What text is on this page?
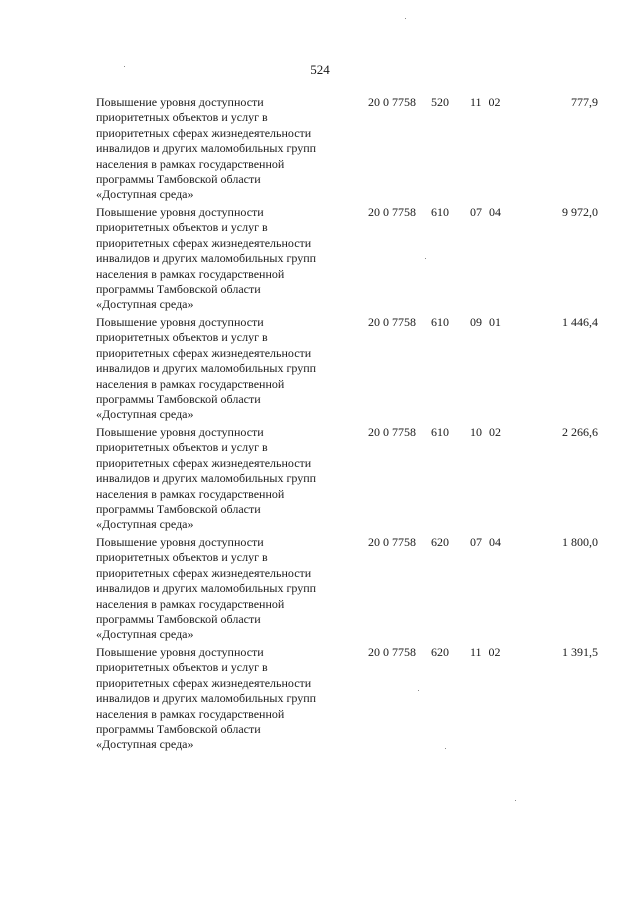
524
Повышение уровня доступности
приоритетных объектов и услуг в
приоритетных сферах жизнедеятельности
инвалидов и других маломобильных групп
населения в рамках государственной
программы Тамбовской области
«Доступная среда»
20 0 7758 520 11 02	777,9
Повышение уровня доступности
приоритетных объектов и услуг в
приоритетных сферах жизнедеятельности
инвалидов и других маломобильных групп
населения в рамках государственной
программы Тамбовской области
«Доступная среда»
20 0 7758 610 07 04	9 972,0
Повышение уровня доступности
приоритетных объектов и услуг в
приоритетных сферах жизнедеятельности
инвалидов и других маломобильных групп
населения в рамках государственной
программы Тамбовской области
«Доступная среда»
20 0 7758 610 09 01	1 446,4
Повышение уровня доступности
приоритетных объектов и услуг в
приоритетных сферах жизнедеятельности
инвалидов и других маломобильных групп
населения в рамках государственной
программы Тамбовской области
«Доступная среда»
20 0 7758 610 10 02	2 266,6
Повышение уровня доступности
приоритетных объектов и услуг в
приоритетных сферах жизнедеятельности
инвалидов и других маломобильных групп
населения в рамках государственной
программы Тамбовской области
«Доступная среда»
20 0 7758 620 07 04	1 800,0
Повышение уровня доступности
приоритетных объектов и услуг в
приоритетных сферах жизнедеятельности
инвалидов и других маломобильных групп
населения в рамках государственной
программы Тамбовской области
«Доступная среда»
20 0 7758 620 11 02	1 391,5
